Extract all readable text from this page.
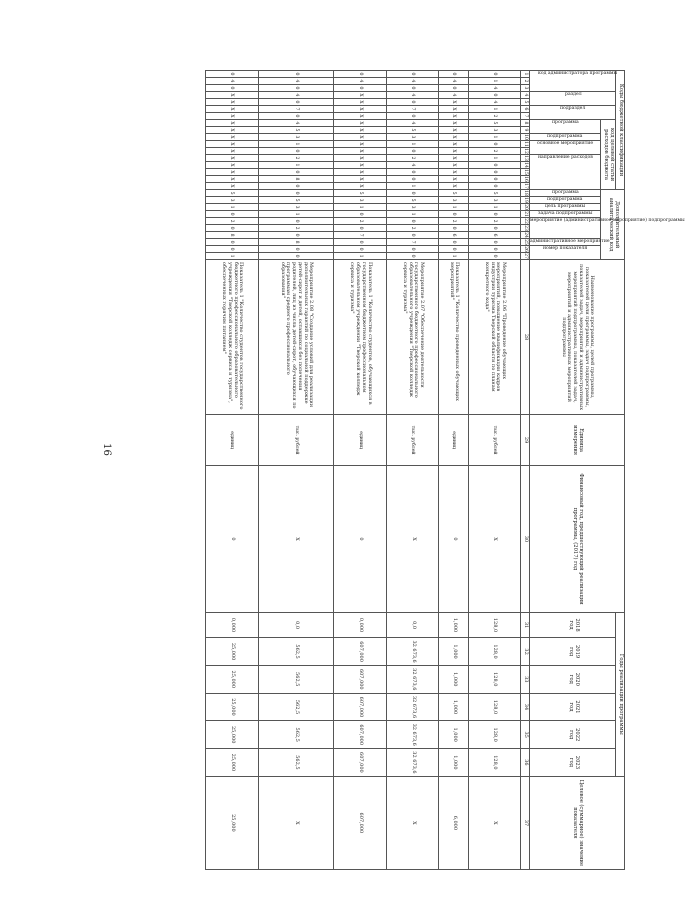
16
Коды бюджетной классификации																	Дополнительный аналитический код										Наименование программы, целей программы, показателей цели программы, задач подпрограммы, показателей задач, мероприятий и административных мероприятий подпрограммы, показателей задач, мероприятий и административных мероприятий подпрограммы	Единица измерения	Финансовый год, предшествующий реализации программы, (2017) год	Годы реализации программы						Целевое (суммарное) значение показателя

код администратора программы			раздел		подраздел		код целевой статьи расходов бюджета																							2018 год	2019 год	2020 год	2021 год	2022 год	2023 год	

							программа		подпрограмма	основное мероприятие		направление расходов					программа	подпрограмма	цель программы	задача подпрограммы	мероприятие (административное мероприятие) подпрограммы			административное мероприятие	номер показателя											

1	2	3	4	5	6	7	8	9	10	11	12	13	14	15	16	17	18	19	20	21	22	23	24	25	26	27	28	29	30	31	32	33	34	35	36	37
0	1	4	0	4	1	2	5	3	1	0	2	1	0	0	0	0	5	3	1	0	2	0	6	0	0	0	Мероприятие 2.06 "Проведение обучающих мероприятий, повышение квалификации кадров индустрии туризма Тверской области по планам конкретного кода"	тыс. рублей	X	128,0	128,0	128,0	128,0	128,0	128,0	X
0	4	0	4	X	X	X	X	X	X	X	X	X	X	X	X	X	5	3	1	0	2	0	6	0	0	1	Показатель 1 "Количество проведенных обучающих мероприятий"	единиц	0	1,000	1,000	1,000	1,000	1,000	1,000	6,000
0	4	0	4	0	7	0	4	5	3	1	0	2	4	0	0	1	0	5	3	1	0	2	0	7	0	0	Мероприятие 2.07 "Обеспечение деятельности государственного бюджетного профессионального образовательного учреждения "Тверской колледж сервиса и туризма"	тыс. рублей	X	0,0	32 673,6	32 673,6	32 673,6	32 673,6	32 673,6	X
0	4	0	X	X	X	X	X	X	X	X	X	X	X	X	X	X	5	3	1	0	2	0	7	0	0	1	Показатель 1 "Количество студентов, обучающихся в государственном бюджетном профессиональном образовательном учреждении "Тверской колледж сервиса и туризма"	единиц	0	0,000	607,000	607,000	607,000	607,000	607,000	607,000
0	4	0	4	0	7	0	4	5	3	1	0	2	1	0	8	0	0	5	3	1	0	2	0	8	0	0	Мероприятие 2.08 "Создание условий для реализации дополнительных гарантий по социальной поддержке детей-сирот и детей, оставшихся без попечения родителей, лиц из числа детей-сирот, обучающихся по программам среднего профессионального образования"	тыс. рублей	X	0,0	562,5	562,5	562,5	562,5	562,5	X
0	4	0	X	X	X	X	X	X	X	X	X	X	X	X	X	X	5	3	1	0	2	0	8	0	0	1	Показатель 1 "Количество студентов государственного бюджетного профессионального образовательного учреждения "Тверской колледж сервиса и туризма", обеспеченных горячим питанием"	единиц	0	0,000	25,000	25,000	25,000	25,000	25,000	25,000
